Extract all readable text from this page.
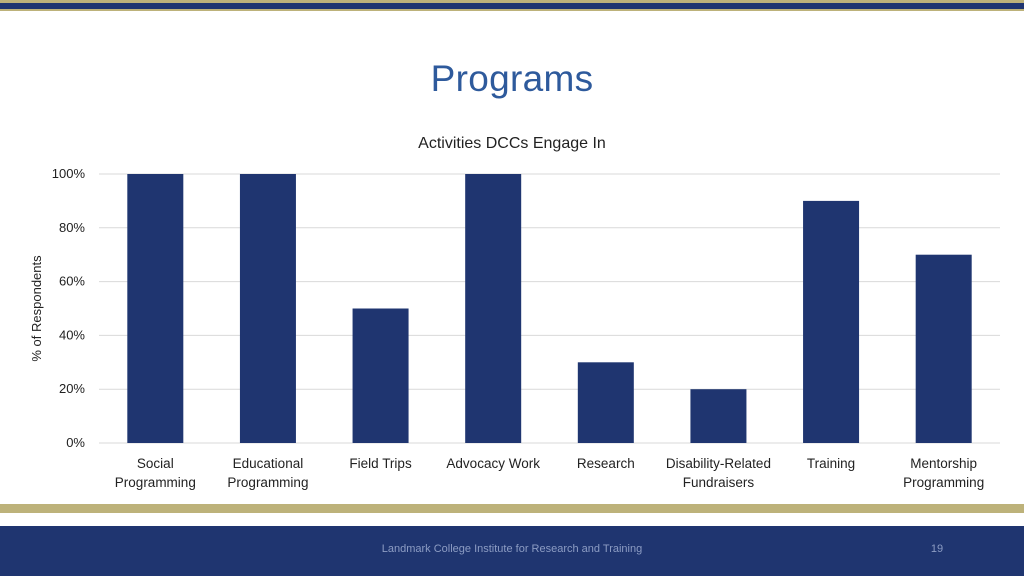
Programs
Activities DCCs Engage In
0%
20%
40%
60%
80%
100%
Social
Programming
Educational
Programming
Field Trips	Advocacy Work	Research Disability-Related
Fundraisers
Training	Mentorship
Programming
% of Respondents
Landmark College Institute for Research and Training	19
